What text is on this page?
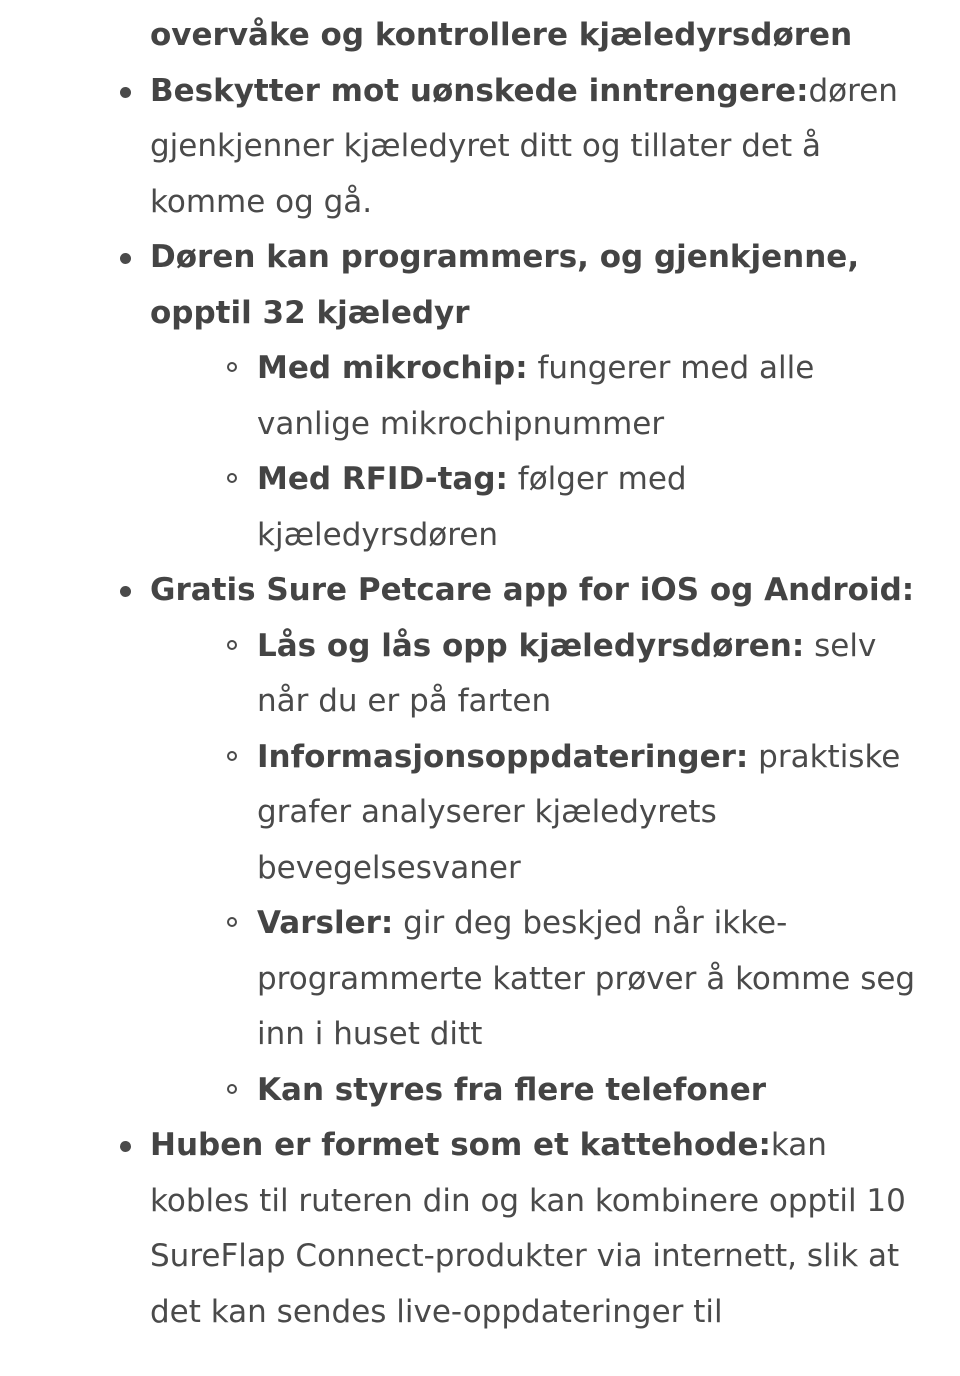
overvåke og kontrollere kjæledyrsdøren
Beskytter mot uønskede inntrengere:døren gjenkjenner kjæledyret ditt og tillater det å komme og gå.
Døren kan programmers, og gjenkjenne, opptil 32 kjæledyr
Med mikrochip: fungerer med alle vanlige mikrochipnummer
Med RFID-tag: følger med kjæledyrsdøren
Gratis Sure Petcare app for iOS og Android:
Lås og lås opp kjæledyrsdøren: selv når du er på farten
Informasjonsoppdateringer: praktiske grafer analyserer kjæledyrets bevegelsesvaner
Varsler: gir deg beskjed når ikke-programmerte katter prøver å komme seg inn i huset ditt
Kan styres fra flere telefoner
Huben er formet som et kattehode:kan kobles til ruteren din og kan kombinere opptil 10 SureFlap Connect-produkter via internett, slik at det kan sendes live-oppdateringer til
